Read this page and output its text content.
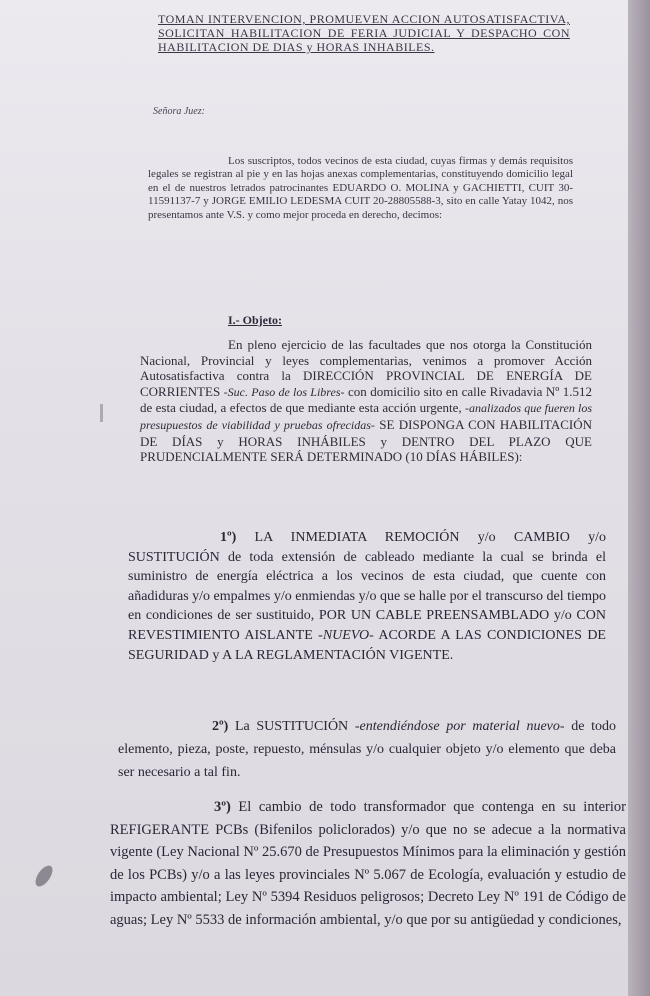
TOMAN INTERVENCION, PROMUEVEN ACCION AUTOSATISFACTIVA, SOLICITAN HABILITACION DE FERIA JUDICIAL Y DESPACHO CON HABILITACION DE DIAS y HORAS INHABILES.
Señora Juez:
Los suscriptos, todos vecinos de esta ciudad, cuyas firmas y demás requisitos legales se registran al pie y en las hojas anexas complementarias, constituyendo domicilio legal en el de nuestros letrados patrocinantes EDUARDO O. MOLINA y GACHIETTI, CUIT 30-11591137-7 y JORGE EMILIO LEDESMA CUIT 20-28805588-3, sito en calle Yatay 1042, nos presentamos ante V.S. y como mejor proceda en derecho, decimos:
I.- Objeto:
En pleno ejercicio de las facultades que nos otorga la Constitución Nacional, Provincial y leyes complementarias, venimos a promover Acción Autosatisfactiva contra la DIRECCIÓN PROVINCIAL DE ENERGÍA DE CORRIENTES -Suc. Paso de los Libres- con domicilio sito en calle Rivadavia Nº 1.512 de esta ciudad, a efectos de que mediante esta acción urgente, -analizados que fueren los presupuestos de viabilidad y pruebas ofrecidas- SE DISPONGA CON HABILITACIÓN DE DÍAS y HORAS INHÁBILES y DENTRO DEL PLAZO QUE PRUDENCIALMENTE SERÁ DETERMINADO (10 DÍAS HÁBILES):
1º) LA INMEDIATA REMOCIÓN y/o CAMBIO y/o SUSTITUCIÓN de toda extensión de cableado mediante la cual se brinda el suministro de energía eléctrica a los vecinos de esta ciudad, que cuente con añadiduras y/o empalmes y/o enmiendas y/o que se halle por el transcurso del tiempo en condiciones de ser sustituido, POR UN CABLE PREENSAMBLADO y/o CON REVESTIMIENTO AISLANTE -NUEVO- ACORDE A LAS CONDICIONES DE SEGURIDAD y A LA REGLAMENTACIÓN VIGENTE.
2º) La SUSTITUCIÓN -entendiéndose por material nuevo- de todo elemento, pieza, poste, repuesto, ménsulas y/o cualquier objeto y/o elemento que deba ser necesario a tal fin.
3º) El cambio de todo transformador que contenga en su interior REFIGERANTE PCBs (Bifenilos policlorados) y/o que no se adecue a la normativa vigente (Ley Nacional Nº 25.670 de Presupuestos Mínimos para la eliminación y gestión de los PCBs) y/o a las leyes provinciales Nº 5.067 de Ecología, evaluación y estudio de impacto ambiental; Ley Nº 5394 Residuos peligrosos; Decreto Ley Nº 191 de Código de aguas; Ley Nº 5533 de información ambiental, y/o que por su antigüedad y condiciones,
